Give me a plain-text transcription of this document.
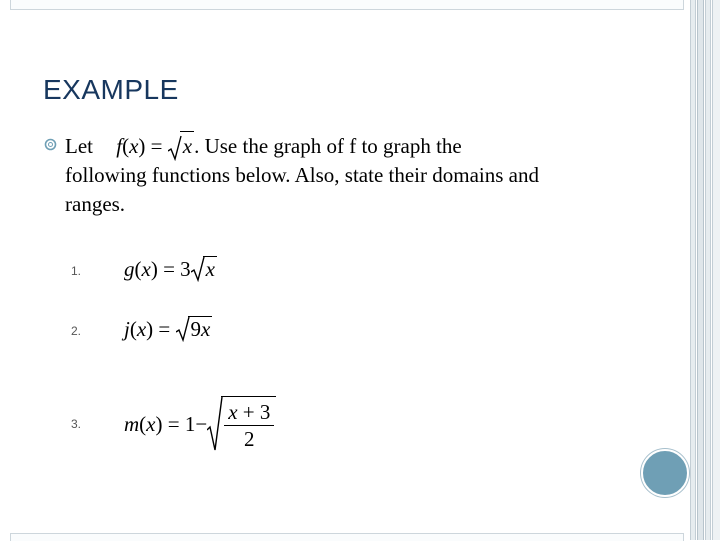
EXAMPLE
Let f(x) = x. Use the graph of f to graph the
following functions below. Also, state their domains and
ranges.
1. g(x) = 3 x
2. j(x) = 9x
3. $m(x) = 1- \frac{x + 3}{2}$
